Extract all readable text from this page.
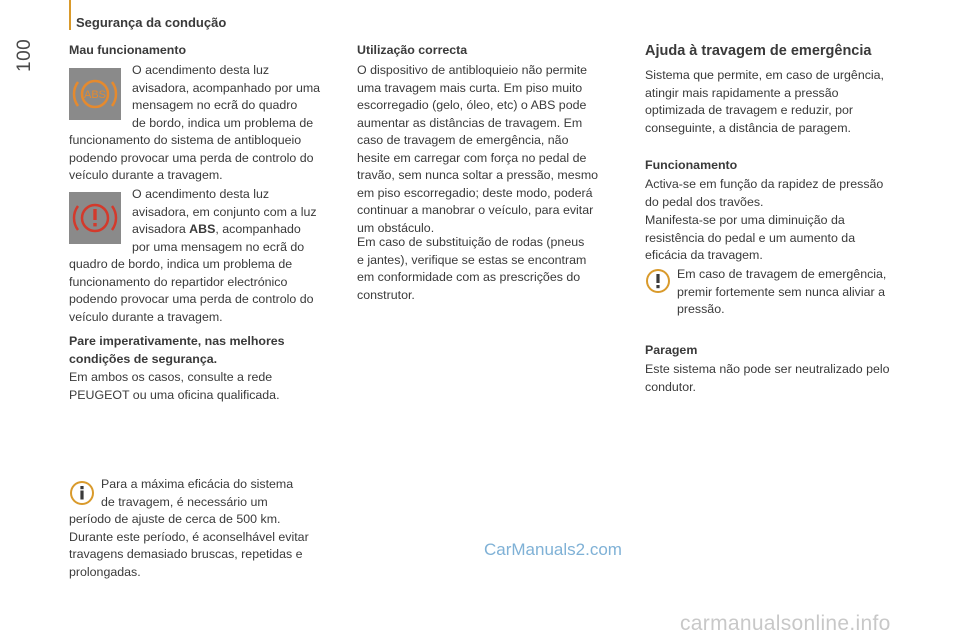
Segurança da condução
100	Mau funcionamento
ABS
O acendimento desta luz
avisadora, acompanhado por uma
mensagem no ecrã do quadro
de bordo, indica um problema de
funcionamento do sistema de antibloqueio
podendo provocar uma perda de controlo do
veículo durante a travagem.
O acendimento desta luz
avisadora, em conjunto com a luz
avisadora ABS, acompanhado
por uma mensagem no ecrã do
quadro de bordo, indica um problema de
funcionamento do repartidor electrónico
podendo provocar uma perda de controlo do
veículo durante a travagem.
Pare imperativamente, nas melhores
condições de segurança.
Em ambos os casos, consulte a rede
PEUGEOT ou uma oficina qualificada.
Para a máxima eficácia do sistema
de travagem, é necessário um
período de ajuste de cerca de 500 km.
Durante este período, é aconselhável evitar
travagens demasiado bruscas, repetidas e
prolongadas.
Utilização correcta
O dispositivo de antibloquieio não permite
uma travagem mais curta. Em piso muito
escorregadio (gelo, óleo, etc) o ABS pode
aumentar as distâncias de travagem. Em
caso de travagem de emergência, não
hesite em carregar com força no pedal de
travão, sem nunca soltar a pressão, mesmo
em piso escorregadio; deste modo, poderá
continuar a manobrar o veículo, para evitar
um obstáculo.
Em caso de substituição de rodas (pneus
e jantes), verifique se estas se encontram
em conformidade com as prescrições do
construtor.
Ajuda à travagem de emergência
Sistema que permite, em caso de urgência,
atingir mais rapidamente a pressão
optimizada de travagem e reduzir, por
conseguinte, a distância de paragem.
Funcionamento
Activa-se em função da rapidez de pressão
do pedal dos travões.
Manifesta-se por uma diminuição da
resistência do pedal e um aumento da
eficácia da travagem.
Em caso de travagem de emergência,
premir fortemente sem nunca aliviar a
pressão.
Paragem
Este sistema não pode ser neutralizado pelo
condutor.
CarManuals2.com
carmanualsonline.info
